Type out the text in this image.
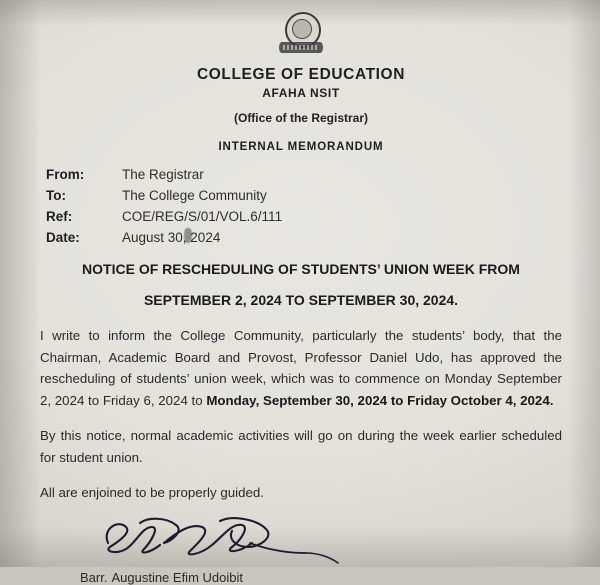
COLLEGE OF EDUCATION
AFAHA NSIT
(Office of the Registrar)
INTERNAL MEMORANDUM
From:	The Registrar
To:	The College Community
Ref:	COE/REG/S/01/VOL.6/111
Date:	August 30, 2024
NOTICE OF RESCHEDULING OF STUDENTS’ UNION WEEK FROM
SEPTEMBER 2, 2024 TO SEPTEMBER 30, 2024.

I write to inform the College Community, particularly the students’ body, that the Chairman, Academic Board and Provost, Professor Daniel Udo, has approved the rescheduling of students’ union week, which was to commence on Monday September 2, 2024 to Friday 6, 2024 to Monday, September 30, 2024 to Friday October 4, 2024.

By this notice, normal academic activities will go on during the week earlier scheduled for student union.

All are enjoined to be properly guided.

Barr. Augustine Efim Udoibit
